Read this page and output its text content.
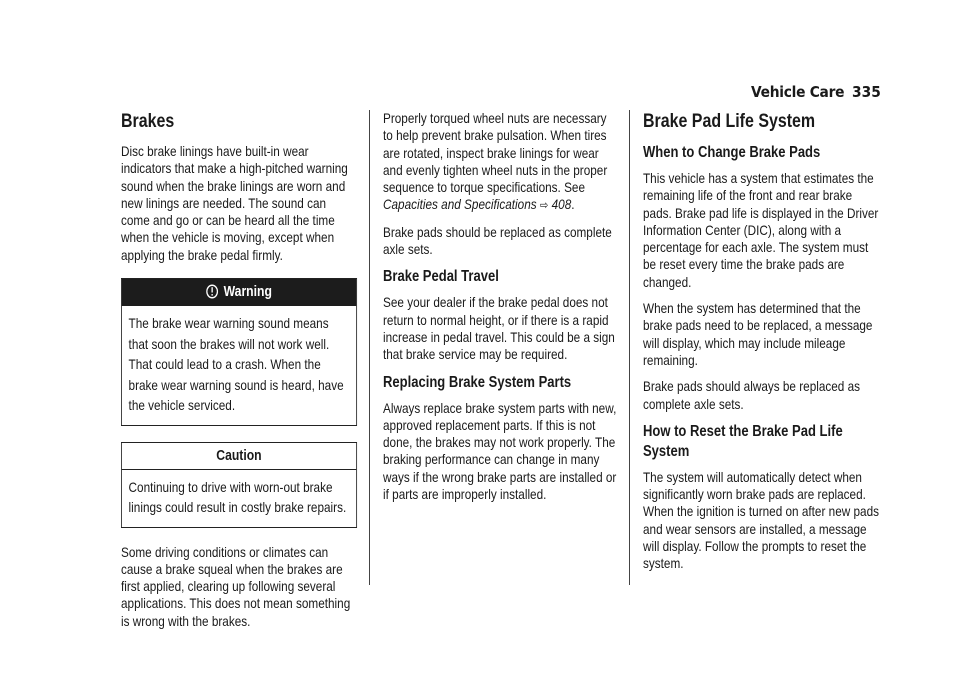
Vehicle Care 335
Brakes

Disc brake linings have built-in wear indicators that make a high-pitched warning sound when the brake linings are worn and new linings are needed. The sound can come and go or can be heard all the time when the vehicle is moving, except when applying the brake pedal firmly.

Warning
The brake wear warning sound means that soon the brakes will not work well. That could lead to a crash. When the brake wear warning sound is heard, have the vehicle serviced.
Caution
Continuing to drive with worn-out brake linings could result in costly brake repairs.

Some driving conditions or climates can cause a brake squeal when the brakes are first applied, clearing up following several applications. This does not mean something is wrong with the brakes.

Properly torqued wheel nuts are necessary to help prevent brake pulsation. When tires are rotated, inspect brake linings for wear and evenly tighten wheel nuts in the proper sequence to torque specifications. See Capacities and Specifications ⇨ 408.

Brake pads should be replaced as complete axle sets.

Brake Pedal Travel

See your dealer if the brake pedal does not return to normal height, or if there is a rapid increase in pedal travel. This could be a sign that brake service may be required.

Replacing Brake System Parts

Always replace brake system parts with new, approved replacement parts. If this is not done, the brakes may not work properly. The braking performance can change in many ways if the wrong brake parts are installed or if parts are improperly installed.

Brake Pad Life System
When to Change Brake Pads

This vehicle has a system that estimates the remaining life of the front and rear brake pads. Brake pad life is displayed in the Driver Information Center (DIC), along with a percentage for each axle. The system must be reset every time the brake pads are changed.

When the system has determined that the brake pads need to be replaced, a message will display, which may include mileage remaining.

Brake pads should always be replaced as complete axle sets.

How to Reset the Brake Pad Life System

The system will automatically detect when significantly worn brake pads are replaced. When the ignition is turned on after new pads and wear sensors are installed, a message will display. Follow the prompts to reset the system.
